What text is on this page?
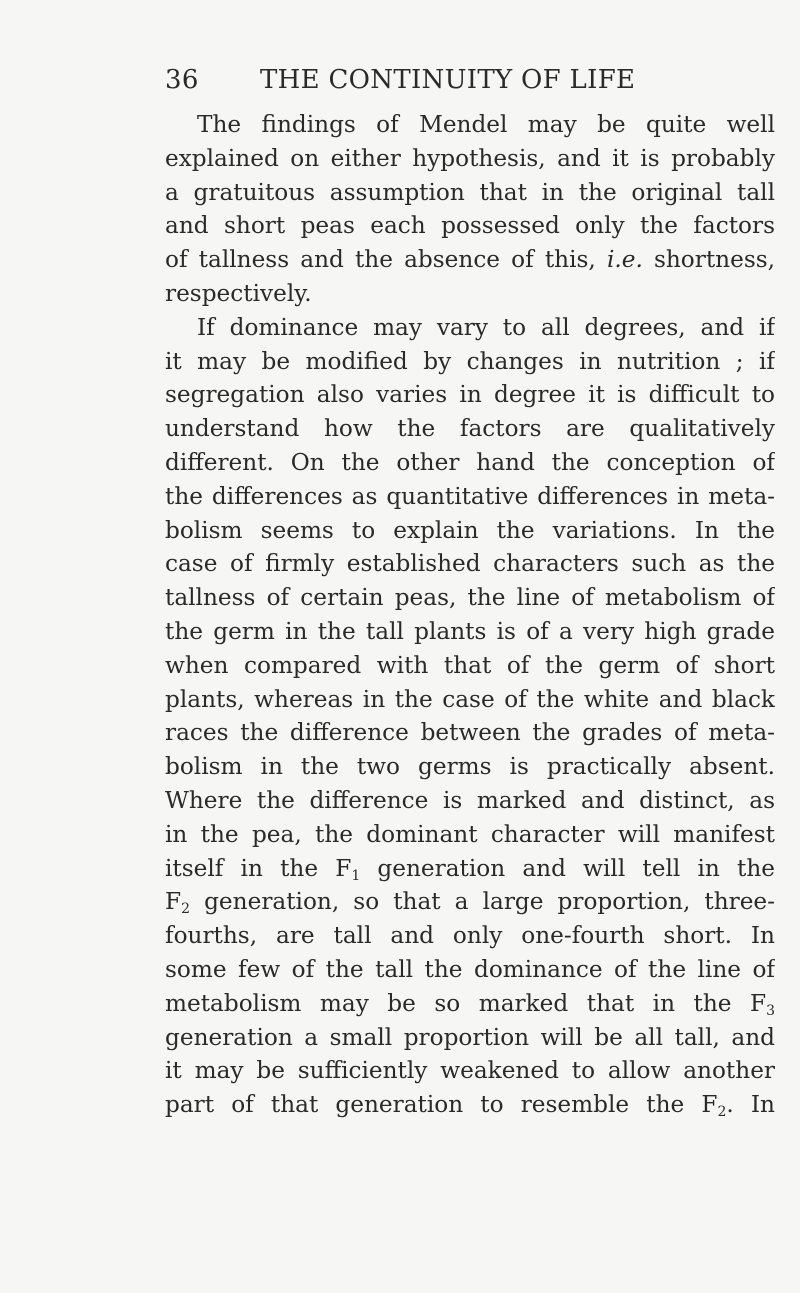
36 THE CONTINUITY OF LIFE
The findings of Mendel may be quite well
explained on either hypothesis, and it is probably
a gratuitous assumption that in the original tall
and short peas each possessed only the factors
of tallness and the absence of this, i.e. shortness,
respectively.
If dominance may vary to all degrees, and if
it may be modified by changes in nutrition ; if
segregation also varies in degree it is difficult to
understand how the factors are qualitatively
different. On the other hand the conception of
the differences as quantitative differences in meta-
bolism seems to explain the variations. In the
case of firmly established characters such as the
tallness of certain peas, the line of metabolism of
the germ in the tall plants is of a very high grade
when compared with that of the germ of short
plants, whereas in the case of the white and black
races the difference between the grades of meta-
bolism in the two germs is practically absent.
Where the difference is marked and distinct, as
in the pea, the dominant character will manifest
itself in the $F_1$ generation and will tell in the
$F_2$ generation, so that a large proportion, three-
fourths, are tall and only one-fourth short. In
some few of the tall the dominance of the line of
metabolism may be so marked that in the $F_3$
generation a small proportion will be all tall, and
it may be sufficiently weakened to allow another
part of that generation to resemble the $F_2$. In
